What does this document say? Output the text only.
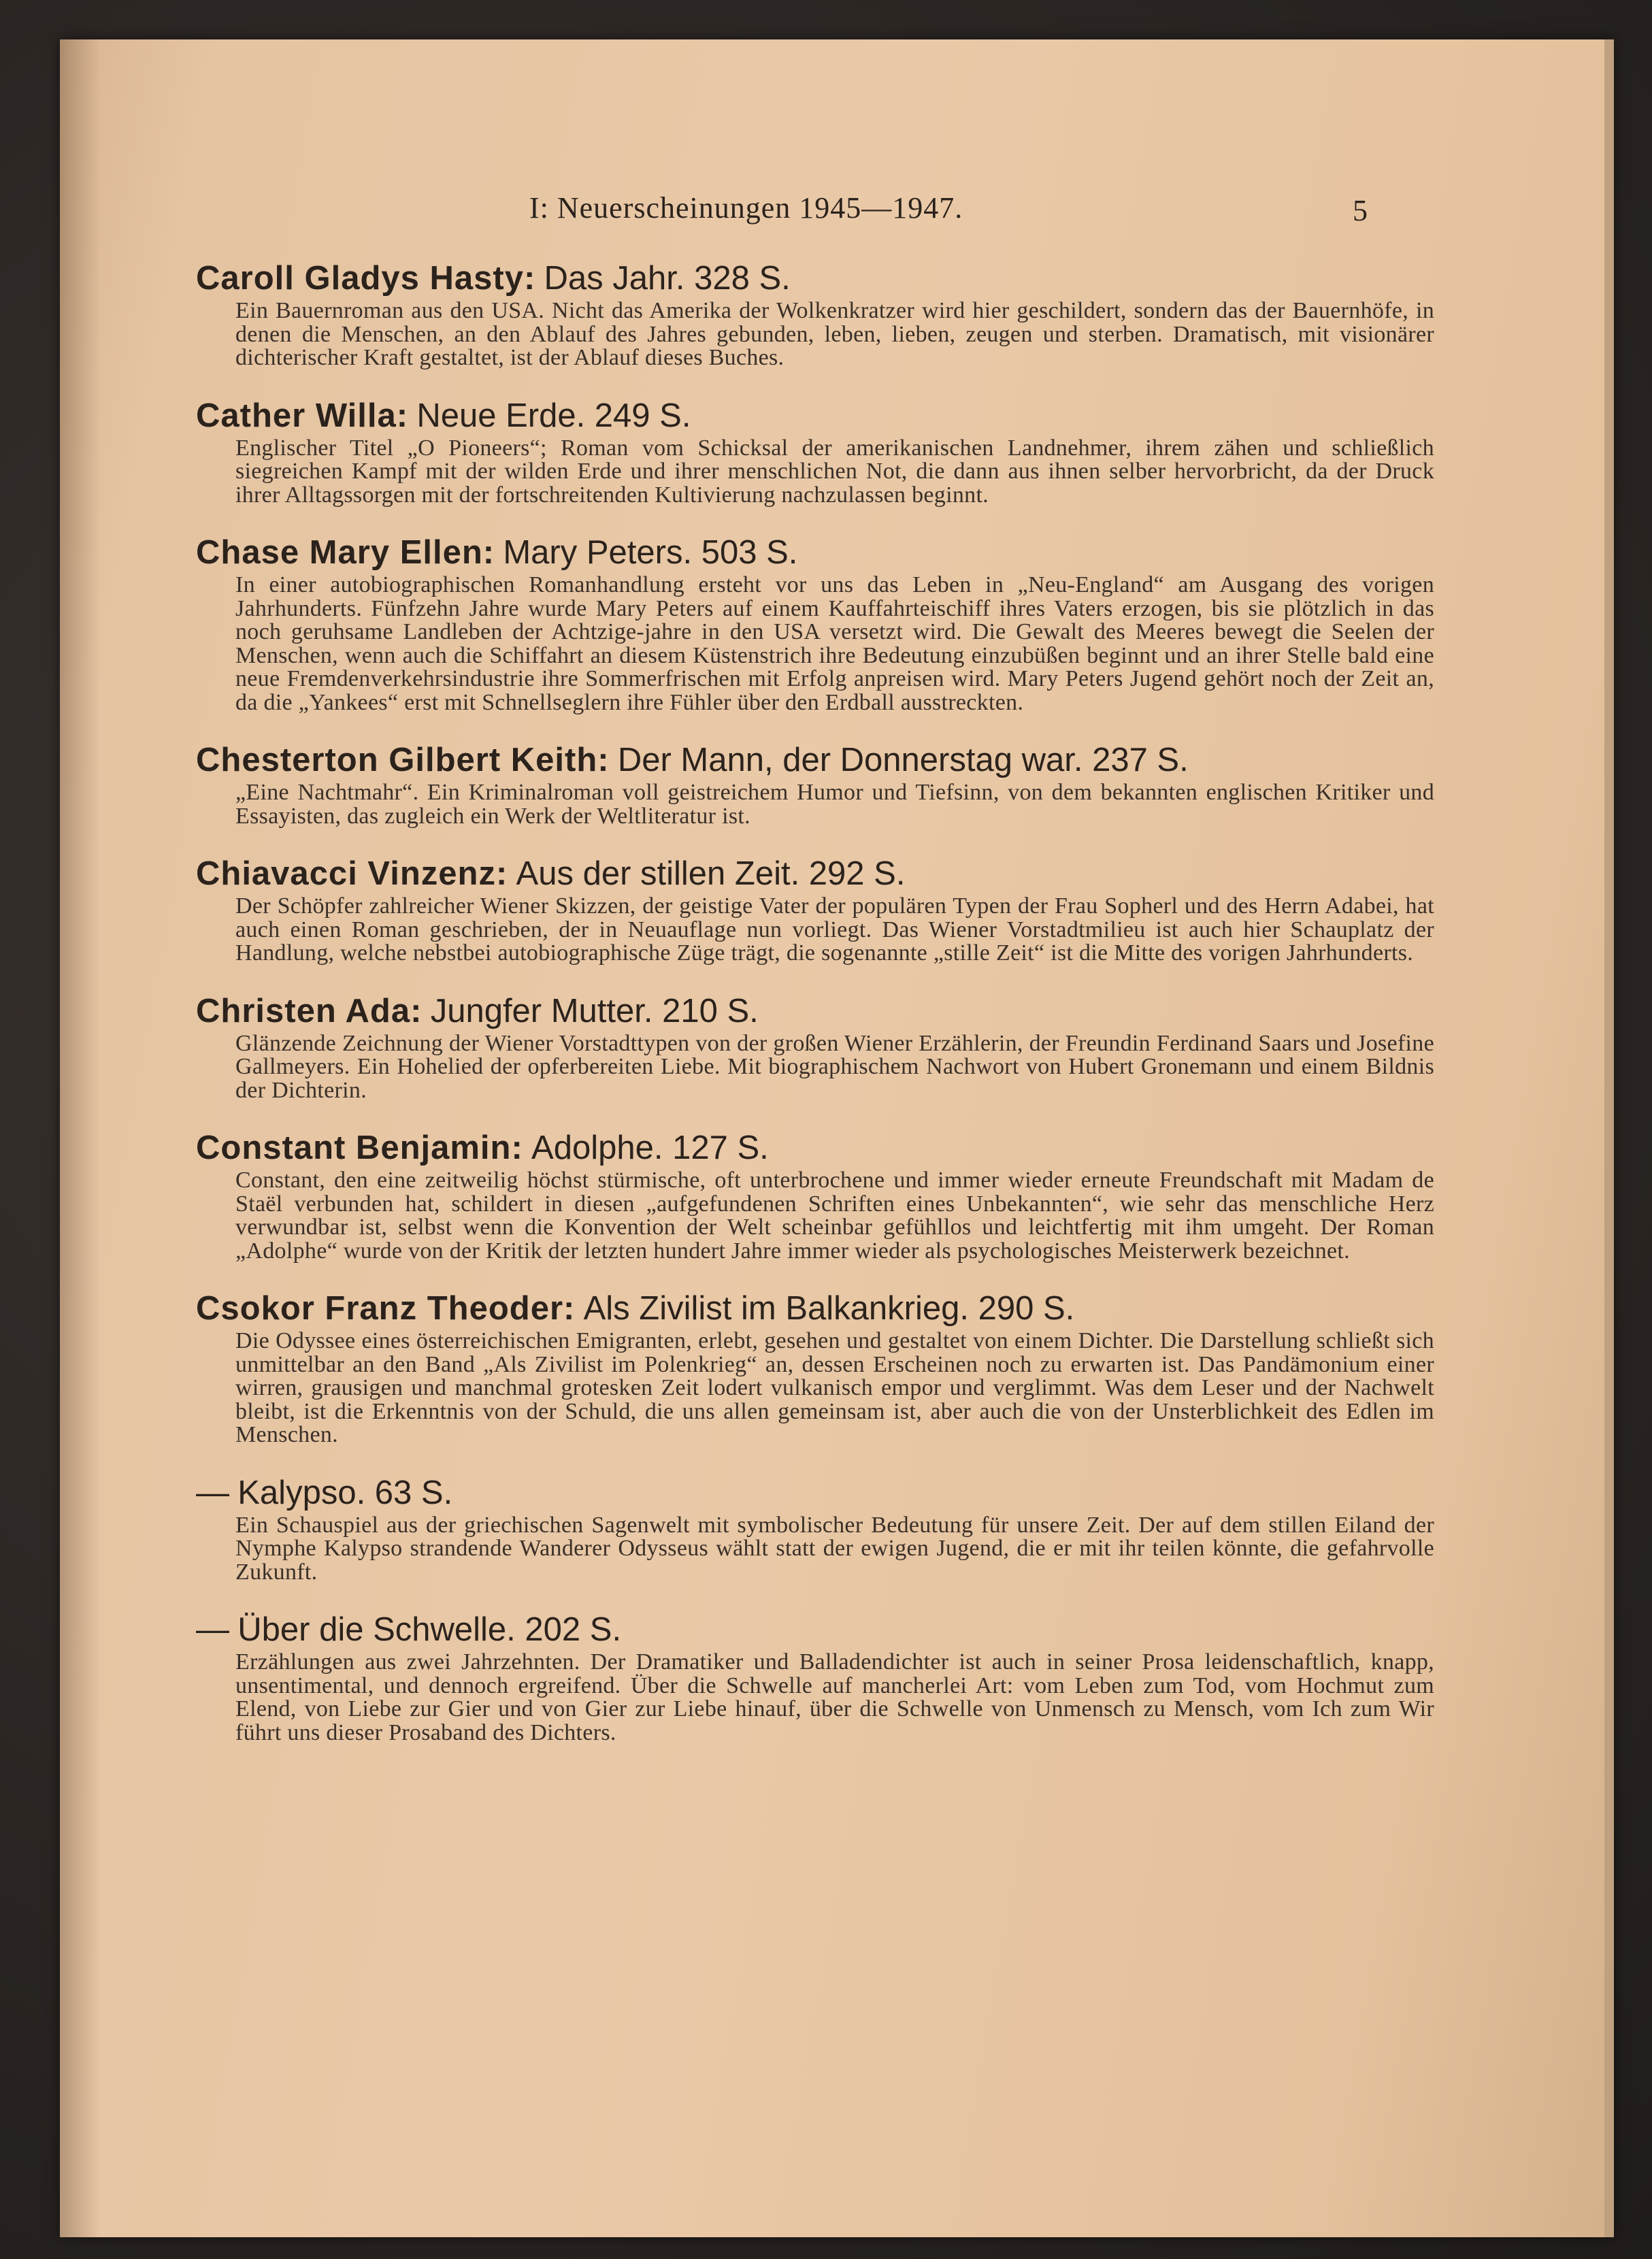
I: Neuerscheinungen 1945—1947.	5
Caroll Gladys Hasty: Das Jahr. 328 S.

Ein Bauernroman aus den USA. Nicht das Amerika der Wolkenkratzer wird hier geschildert, sondern das der Bauernhöfe, in denen die Menschen, an den Ablauf des Jahres gebunden, leben, lieben, zeugen und sterben. Dramatisch, mit visionärer dichterischer Kraft gestaltet, ist der Ablauf dieses Buches.

Cather Willa: Neue Erde. 249 S.

Englischer Titel „O Pioneers“; Roman vom Schicksal der amerikanischen Landnehmer, ihrem zähen und schließlich siegreichen Kampf mit der wilden Erde und ihrer menschlichen Not, die dann aus ihnen selber hervorbricht, da der Druck ihrer Alltagssorgen mit der fortschreitenden Kultivierung nachzulassen beginnt.

Chase Mary Ellen: Mary Peters. 503 S.

In einer autobiographischen Romanhandlung ersteht vor uns das Leben in „Neu-England“ am Ausgang des vorigen Jahrhunderts. Fünfzehn Jahre wurde Mary Peters auf einem Kauffahrteischiff ihres Vaters erzogen, bis sie plötzlich in das noch geruhsame Landleben der Achtzige-jahre in den USA versetzt wird. Die Gewalt des Meeres bewegt die Seelen der Menschen, wenn auch die Schiffahrt an diesem Küstenstrich ihre Bedeutung einzubüßen beginnt und an ihrer Stelle bald eine neue Fremdenverkehrsindustrie ihre Sommerfrischen mit Erfolg anpreisen wird. Mary Peters Jugend gehört noch der Zeit an, da die „Yankees“ erst mit Schnellseglern ihre Fühler über den Erdball ausstreckten.

Chesterton Gilbert Keith: Der Mann, der Donnerstag war. 237 S.

„Eine Nachtmahr“. Ein Kriminalroman voll geistreichem Humor und Tiefsinn, von dem bekannten englischen Kritiker und Essayisten, das zugleich ein Werk der Weltliteratur ist.

Chiavacci Vinzenz: Aus der stillen Zeit. 292 S.

Der Schöpfer zahlreicher Wiener Skizzen, der geistige Vater der populären Typen der Frau Sopherl und des Herrn Adabei, hat auch einen Roman geschrieben, der in Neuauflage nun vorliegt. Das Wiener Vorstadtmilieu ist auch hier Schauplatz der Handlung, welche nebstbei autobiographische Züge trägt, die sogenannte „stille Zeit“ ist die Mitte des vorigen Jahrhunderts.

Christen Ada: Jungfer Mutter. 210 S.

Glänzende Zeichnung der Wiener Vorstadttypen von der großen Wiener Erzählerin, der Freundin Ferdinand Saars und Josefine Gallmeyers. Ein Hohelied der opferbereiten Liebe. Mit biographischem Nachwort von Hubert Gronemann und einem Bildnis der Dichterin.

Constant Benjamin: Adolphe. 127 S.

Constant, den eine zeitweilig höchst stürmische, oft unterbrochene und immer wieder erneute Freundschaft mit Madam de Staël verbunden hat, schildert in diesen „aufgefundenen Schriften eines Unbekannten“, wie sehr das menschliche Herz verwundbar ist, selbst wenn die Konvention der Welt scheinbar gefühllos und leichtfertig mit ihm umgeht. Der Roman „Adolphe“ wurde von der Kritik der letzten hundert Jahre immer wieder als psychologisches Meisterwerk bezeichnet.

Csokor Franz Theoder: Als Zivilist im Balkankrieg. 290 S.

Die Odyssee eines österreichischen Emigranten, erlebt, gesehen und gestaltet von einem Dichter. Die Darstellung schließt sich unmittelbar an den Band „Als Zivilist im Polenkrieg“ an, dessen Erscheinen noch zu erwarten ist. Das Pandämonium einer wirren, grausigen und manchmal grotesken Zeit lodert vulkanisch empor und verglimmt. Was dem Leser und der Nachwelt bleibt, ist die Erkenntnis von der Schuld, die uns allen gemeinsam ist, aber auch die von der Unsterblichkeit des Edlen im Menschen.

— Kalypso. 63 S.

Ein Schauspiel aus der griechischen Sagenwelt mit symbolischer Bedeutung für unsere Zeit. Der auf dem stillen Eiland der Nymphe Kalypso strandende Wanderer Odysseus wählt statt der ewigen Jugend, die er mit ihr teilen könnte, die gefahrvolle Zukunft.

— Über die Schwelle. 202 S.

Erzählungen aus zwei Jahrzehnten. Der Dramatiker und Balladendichter ist auch in seiner Prosa leidenschaftlich, knapp, unsentimental, und dennoch ergreifend. Über die Schwelle auf mancherlei Art: vom Leben zum Tod, vom Hochmut zum Elend, von Liebe zur Gier und von Gier zur Liebe hinauf, über die Schwelle von Unmensch zu Mensch, vom Ich zum Wir führt uns dieser Prosaband des Dichters.
